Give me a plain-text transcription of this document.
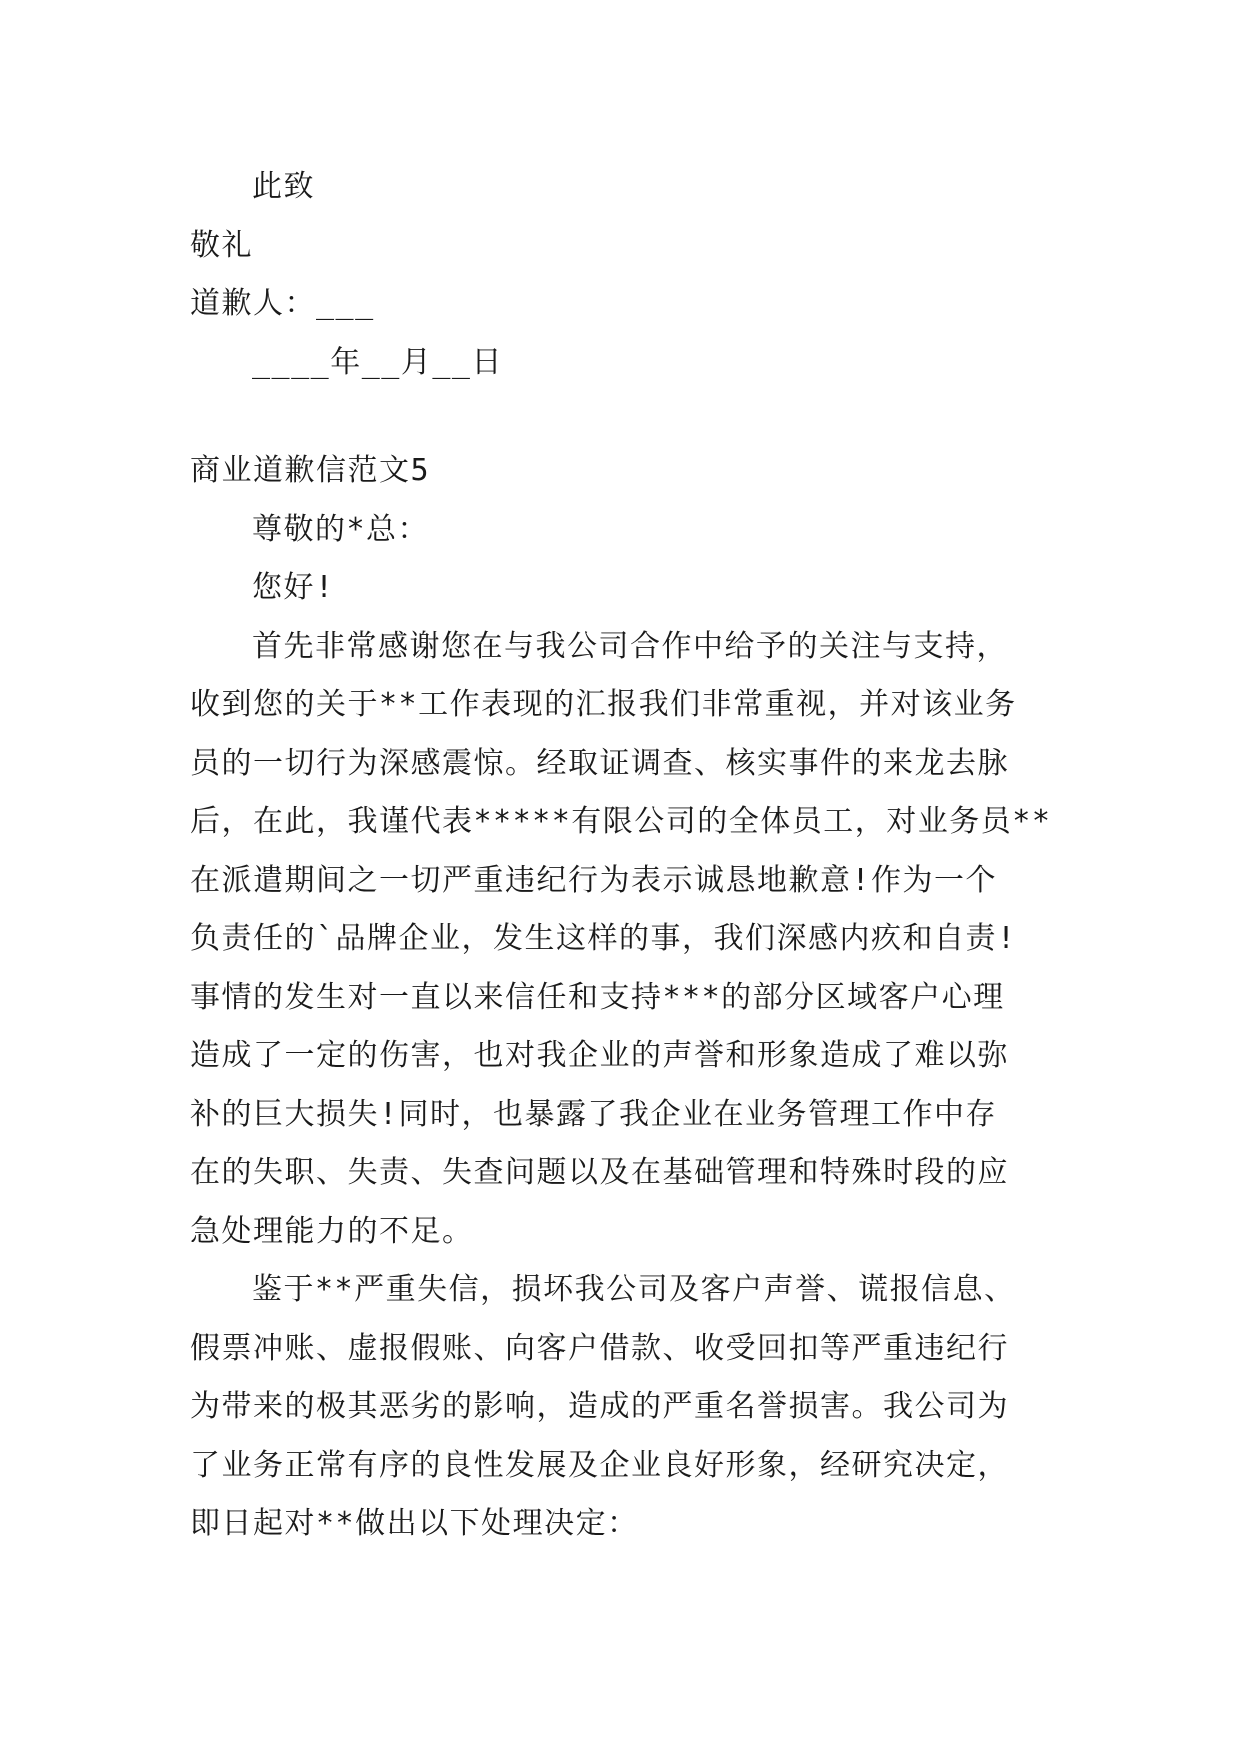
此致
敬礼
道歉人：___
____年__月__日
商业道歉信范文5
尊敬的*总：
您好!
首先非常感谢您在与我公司合作中给予的关注与支持，
收到您的关于**工作表现的汇报我们非常重视，并对该业务
员的一切行为深感震惊。经取证调查、核实事件的来龙去脉
后，在此，我谨代表*****有限公司的全体员工，对业务员**
在派遣期间之一切严重违纪行为表示诚恳地歉意!作为一个
负责任的`品牌企业，发生这样的事，我们深感内疚和自责!
事情的发生对一直以来信任和支持***的部分区域客户心理
造成了一定的伤害，也对我企业的声誉和形象造成了难以弥
补的巨大损失!同时，也暴露了我企业在业务管理工作中存
在的失职、失责、失查问题以及在基础管理和特殊时段的应
急处理能力的不足。
鉴于**严重失信，损坏我公司及客户声誉、谎报信息、
假票冲账、虚报假账、向客户借款、收受回扣等严重违纪行
为带来的极其恶劣的影响，造成的严重名誉损害。我公司为
了业务正常有序的良性发展及企业良好形象，经研究决定，
即日起对**做出以下处理决定：
